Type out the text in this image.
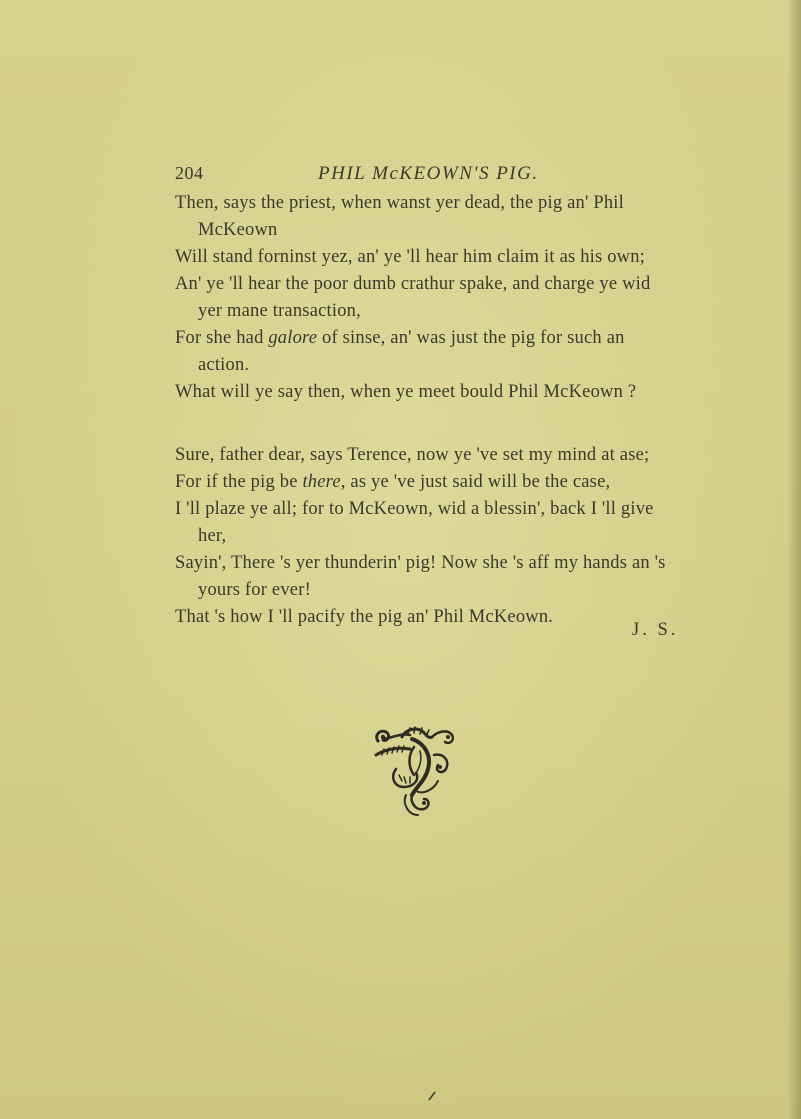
204	PHIL McKEOWN'S PIG.
Then, says the priest, when wanst yer dead, the pig an' Phil
McKeown
Will stand forninst yez, an' ye 'll hear him claim it as his own;
An' ye 'll hear the poor dumb crathur spake, and charge ye wid
yer mane transaction,
For she had galore of sinse, an' was just the pig for such an
action.
What will ye say then, when ye meet bould Phil McKeown ?
Sure, father dear, says Terence, now ye 've set my mind at ase;
For if the pig be there, as ye 've just said will be the case,
I 'll plaze ye all; for to McKeown, wid a blessin', back I 'll give
her,
Sayin', There 's yer thunderin' pig! Now she 's aff my hands an 's
yours for ever!
That 's how I 'll pacify the pig an' Phil McKeown.
J. S.
